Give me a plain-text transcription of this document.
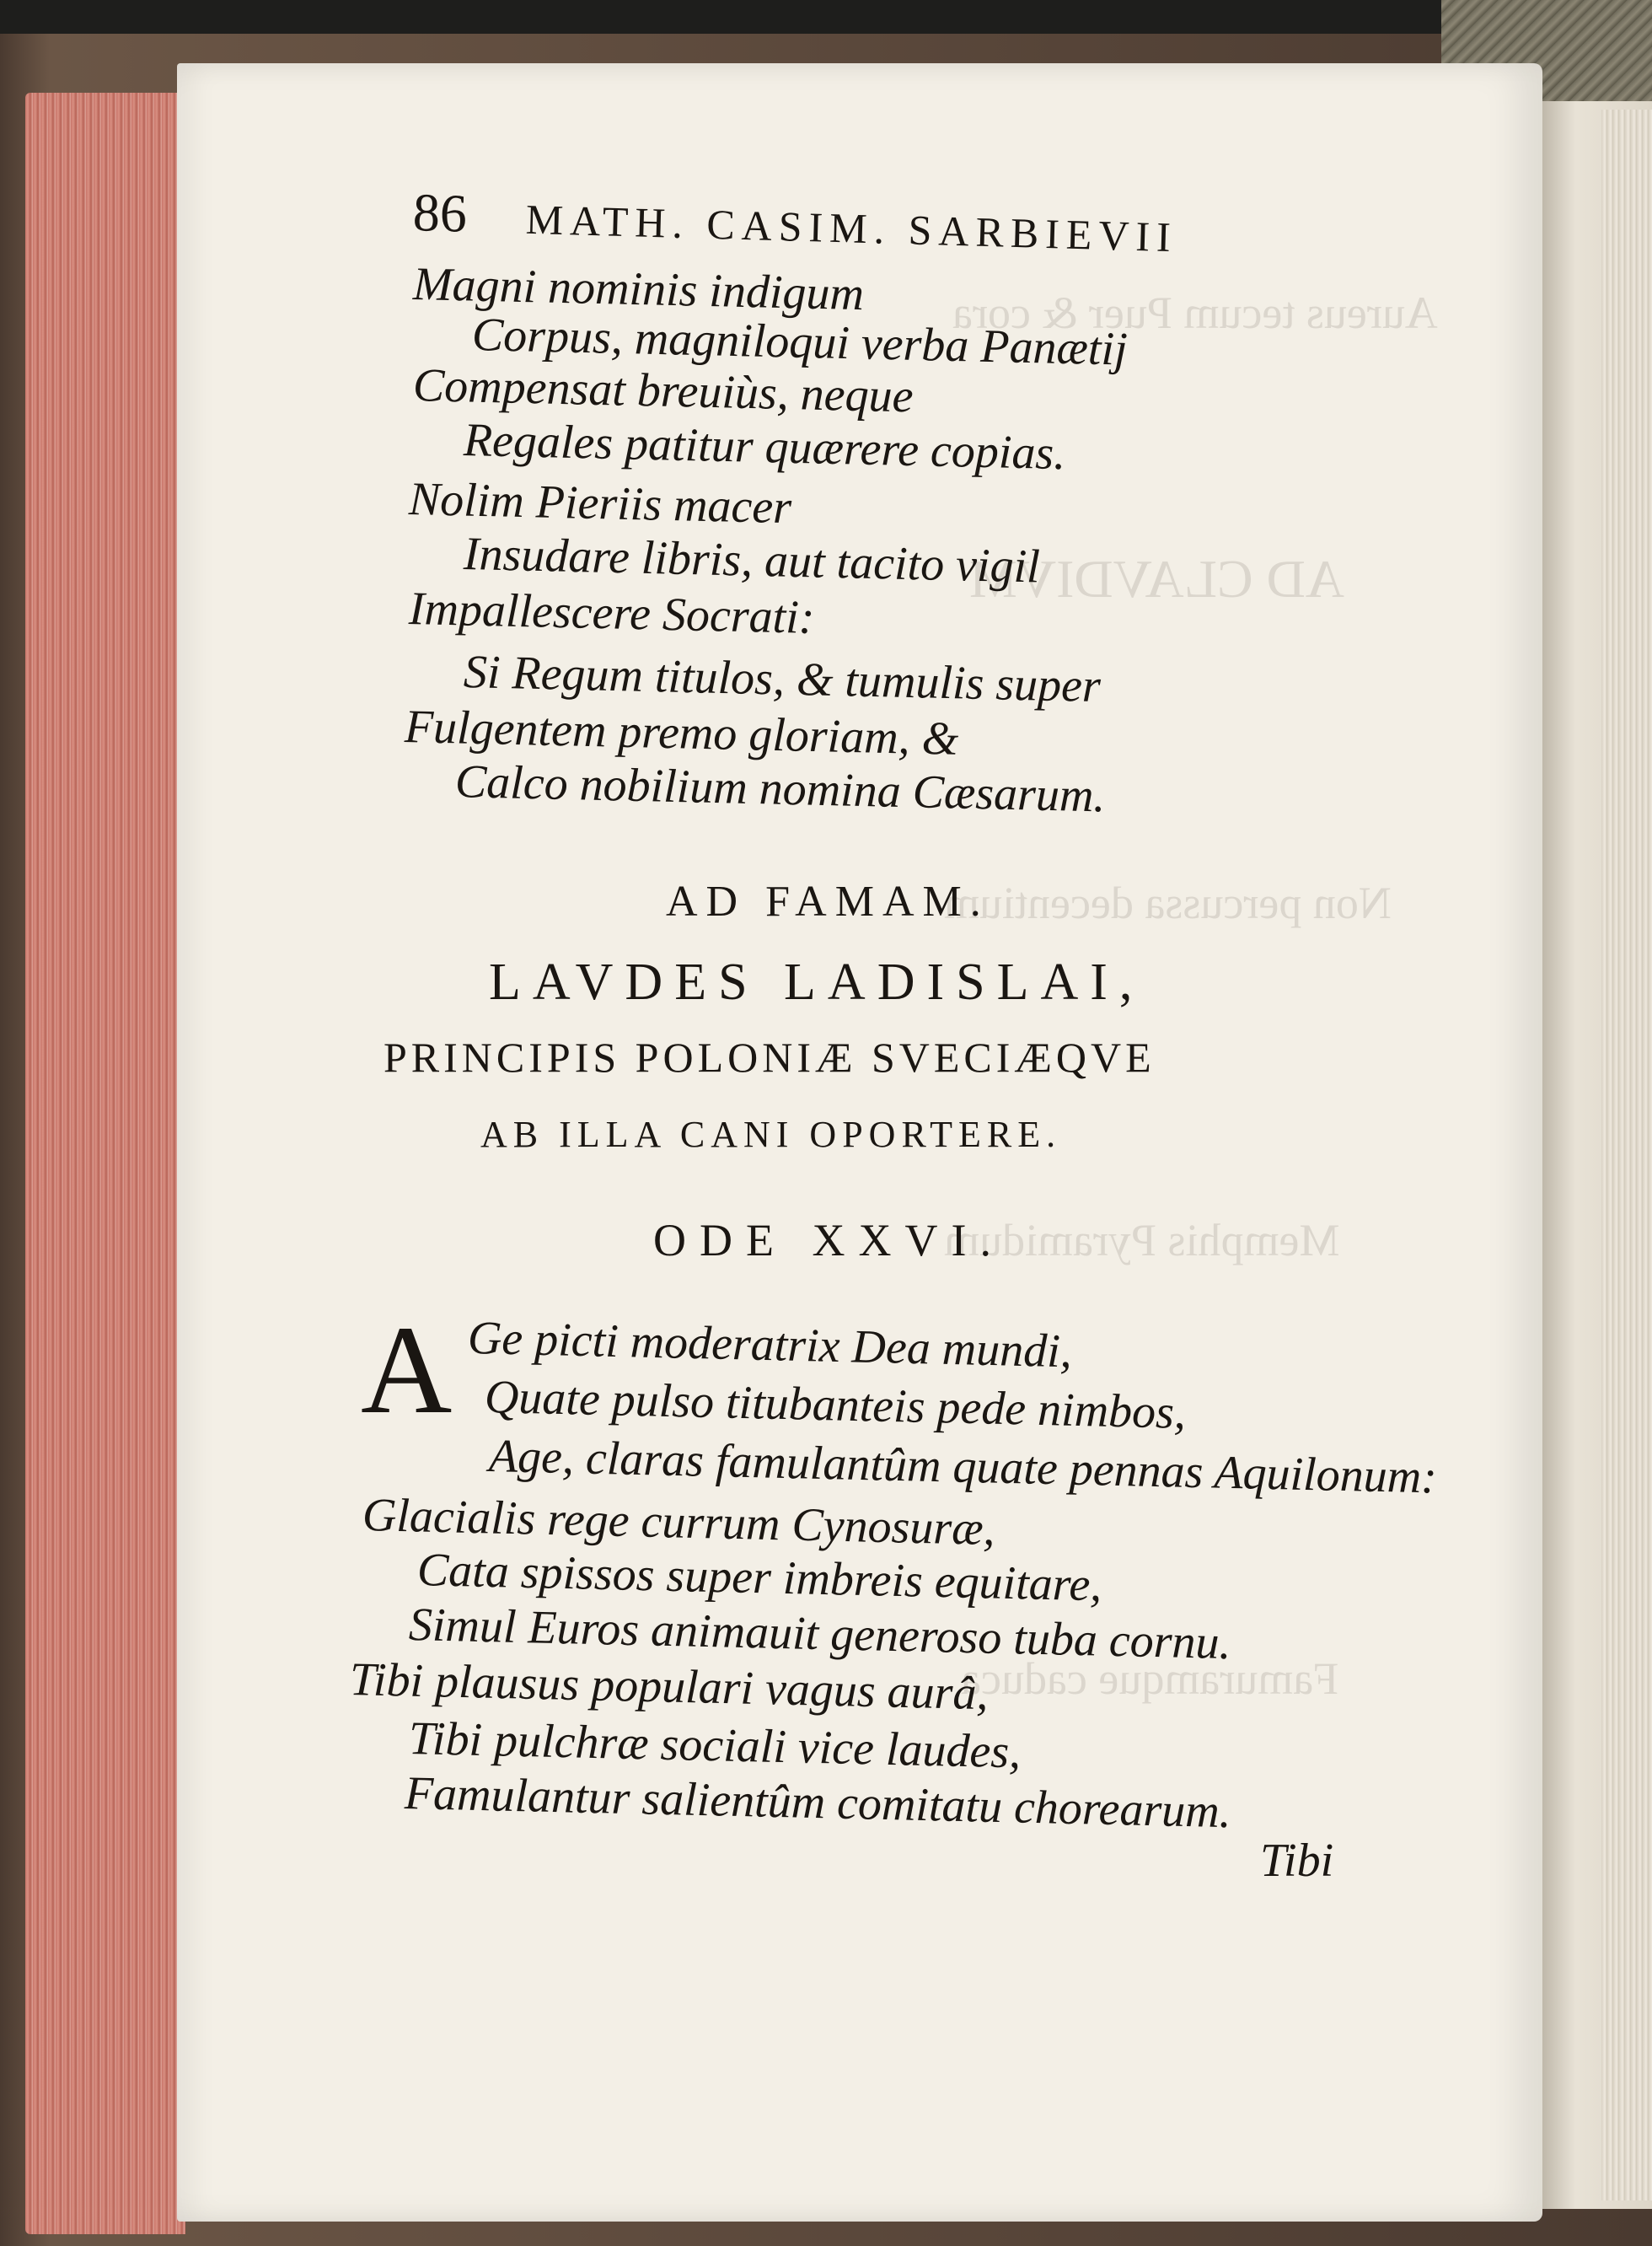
Aureus tecum Puer & cora
AD CLAVDIVM
Non percussa decentium
Memphis Pyramidum
Famuramque caduca
86 MATH. CASIM. SARBIEVII
Magni nominis indigum
Corpus, magniloqui verba Panætij
Compensat breuiùs, neque
Regales patitur quærere copias.
Nolim Pieriis macer
Insudare libris, aut tacito vigil
Impallescere Socrati:
Si Regum titulos, & tumulis super
Fulgentem premo gloriam, &
Calco nobilium nomina Cæsarum.
AD FAMAM.
LAVDES LADISLAI,
PRINCIPIS POLONIÆ SVECIÆQVE
AB ILLA CANI OPORTERE.
ODE XXVI.
A Ge picti moderatrix Dea mundi,
Quate pulso titubanteis pede nimbos,
Age, claras famulantûm quate pennas Aquilonum:
Glacialis rege currum Cynosuræ,
Cata spissos super imbreis equitare,
Simul Euros animauit generoso tuba cornu.
Tibi plausus populari vagus aurâ,
Tibi pulchræ sociali vice laudes,
Famulantur salientûm comitatu chorearum.
Tibi
